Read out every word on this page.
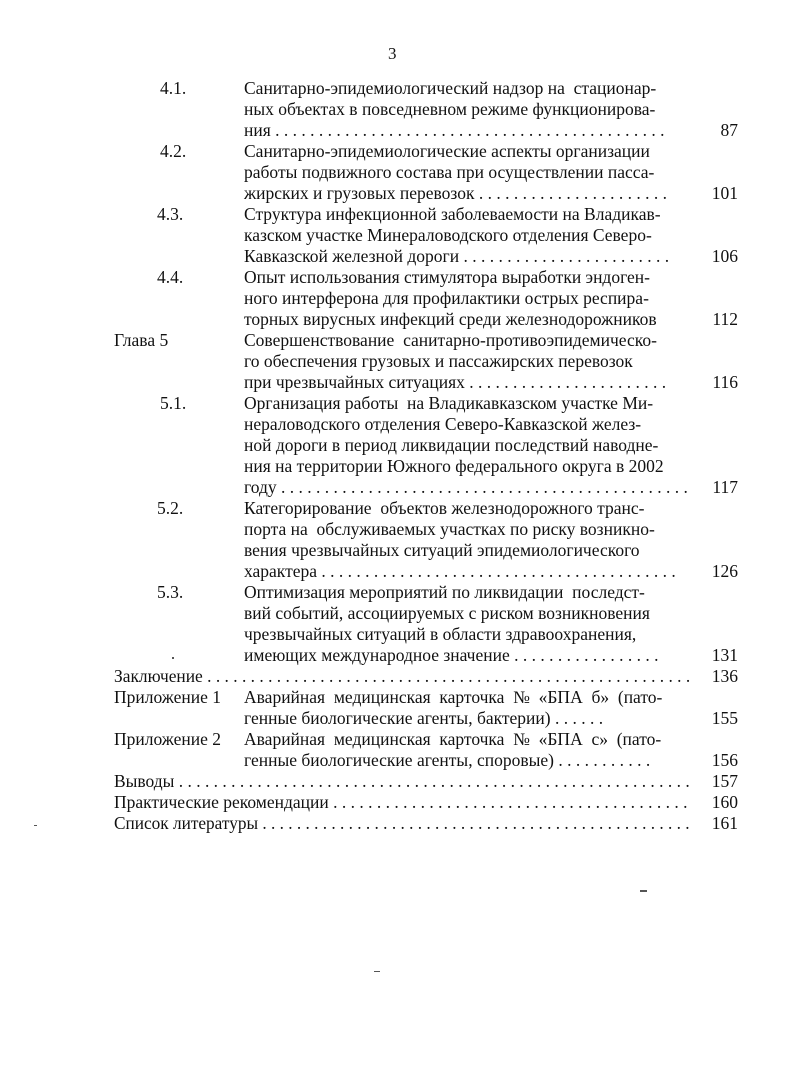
3
4.1.	Санитарно-эпидемиологический надзор на  стационар-
ных объектах в повседневном режиме функционирова-
ния . . . . . . . . . . . . . . . . . . . . . . . . . . . . . . . . . . . . . . . . . . . . .	87
4.2.	Санитарно-эпидемиологические аспекты организации
работы подвижного состава при осуществлении пасса-
жирских и грузовых перевозок . . . . . . . . . . . . . . . . . . . . . .	101
4.3.	Структура инфекционной заболеваемости на Владикав-
казском участке Минераловодского отделения Северо-
Кавказской железной дороги . . . . . . . . . . . . . . . . . . . . . . . .	106
4.4.	Опыт использования стимулятора выработки эндоген-
ного интерферона для профилактики острых респира-
торных вирусных инфекций среди железнодорожников	112
Глава 5	Совершенствование  санитарно-противоэпидемическо-
го обеспечения грузовых и пассажирских перевозок
при чрезвычайных ситуациях . . . . . . . . . . . . . . . . . . . . . . .	116
5.1.	Организация работы  на Владикавказском участке Ми-
нераловодского отделения Северо-Кавказской желез-
ной дороги в период ликвидации последствий наводне-
ния на территории Южного федерального округа в 2002
году . . . . . . . . . . . . . . . . . . . . . . . . . . . . . . . . . . . . . . . . . . . . . . .	117
5.2.	Категорирование  объектов железнодорожного транс-
порта на  обслуживаемых участках по риску возникно-
вения чрезвычайных ситуаций эпидемиологического
характера . . . . . . . . . . . . . . . . . . . . . . . . . . . . . . . . . . . . . . . . .	126
5.3.	Оптимизация мероприятий по ликвидации  последст-
вий событий, ассоциируемых с риском возникновения
чрезвычайных ситуаций в области здравоохранения,
имеющих международное значение . . . . . . . . . . . . . . . . .	131
Заключение . . . . . . . . . . . . . . . . . . . . . . . . . . . . . . . . . . . . . . . . . . . . . . . . . . . . . . . .	136
Приложение 1 Аварийная  медицинская  карточка  №  «БПА  б»  (пато-
генные биологические агенты, бактерии) . . . . . .	155
Приложение 2 Аварийная  медицинская  карточка  №  «БПА  с»  (пато-
генные биологические агенты, споровые) . . . . . . . . . . .	156
Выводы . . . . . . . . . . . . . . . . . . . . . . . . . . . . . . . . . . . . . . . . . . . . . . . . . . . . . . . . . . .	157
Практические рекомендации . . . . . . . . . . . . . . . . . . . . . . . . . . . . . . . . . . . . . . . . .	160
Список литературы . . . . . . . . . . . . . . . . . . . . . . . . . . . . . . . . . . . . . . . . . . . . . . . . . .	161
